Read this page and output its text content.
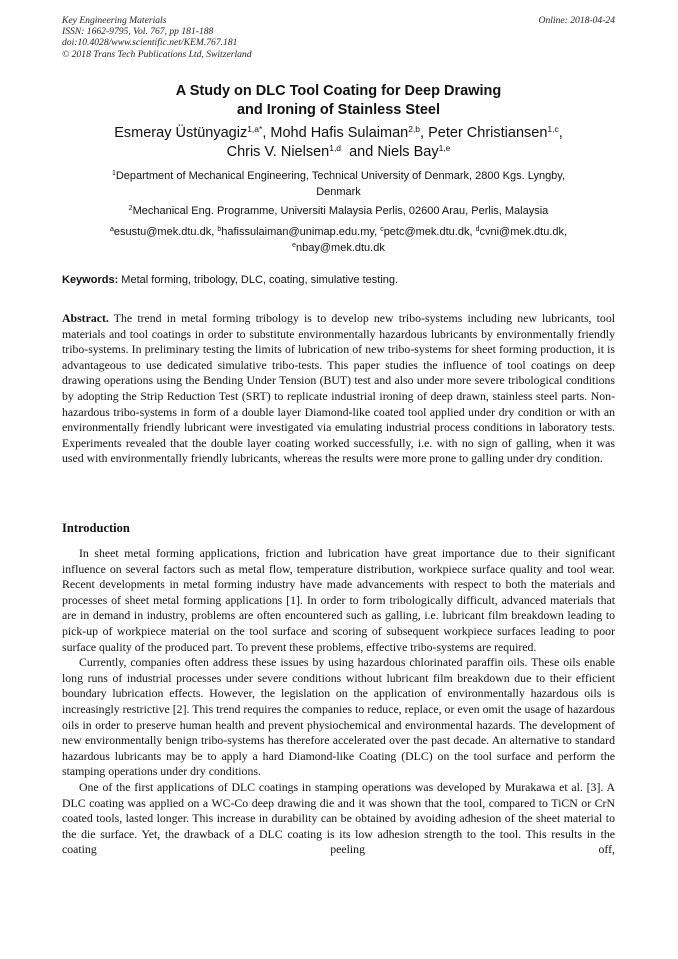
Key Engineering Materials
ISSN: 1662-9795, Vol. 767, pp 181-188
doi:10.4028/www.scientific.net/KEM.767.181
© 2018 Trans Tech Publications Ltd, Switzerland
Online: 2018-04-24
A Study on DLC Tool Coating for Deep Drawing
and Ironing of Stainless Steel
Esmeray Üstünyagiz$^{1,a*}$, Mohd Hafis Sulaiman$^{2,b}$, Peter Christiansen$^{1,c}$,
Chris V. Nielsen$^{1,d}$  and Niels Bay$^{1,e}$
$^1$Department of Mechanical Engineering, Technical University of Denmark, 2800 Kgs. Lyngby,
Denmark
$^2$Mechanical Eng. Programme, Universiti Malaysia Perlis, 02600 Arau, Perlis, Malaysia
$^a$esustu@mek.dtu.dk, $^b$hafissulaiman@unimap.edu.my, $^c$petc@mek.dtu.dk, $^d$cvni@mek.dtu.dk,
$^e$nbay@mek.dtu.dk
Keywords: Metal forming, tribology, DLC, coating, simulative testing.
Abstract. The trend in metal forming tribology is to develop new tribo-systems including new lubricants, tool materials and tool coatings in order to substitute environmentally hazardous lubricants by environmentally friendly tribo-systems. In preliminary testing the limits of lubrication of new tribo-systems for sheet forming production, it is advantageous to use dedicated simulative tribo-tests. This paper studies the influence of tool coatings on deep drawing operations using the Bending Under Tension (BUT) test and also under more severe tribological conditions by adopting the Strip Reduction Test (SRT) to replicate industrial ironing of deep drawn, stainless steel parts. Non-hazardous tribo-systems in form of a double layer Diamond-like coated tool applied under dry condition or with an environmentally friendly lubricant were investigated via emulating industrial process conditions in laboratory tests. Experiments revealed that the double layer coating worked successfully, i.e. with no sign of galling, when it was used with environmentally friendly lubricants, whereas the results were more prone to galling under dry condition.
Introduction

In sheet metal forming applications, friction and lubrication have great importance due to their significant influence on several factors such as metal flow, temperature distribution, workpiece surface quality and tool wear. Recent developments in metal forming industry have made advancements with respect to both the materials and processes of sheet metal forming applications [1]. In order to form tribologically difficult, advanced materials that are in demand in industry, problems are often encountered such as galling, i.e. lubricant film breakdown leading to pick-up of workpiece material on the tool surface and scoring of subsequent workpiece surfaces leading to poor surface quality of the produced part. To prevent these problems, effective tribo-systems are required.

Currently, companies often address these issues by using hazardous chlorinated paraffin oils. These oils enable long runs of industrial processes under severe conditions without lubricant film breakdown due to their efficient boundary lubrication effects. However, the legislation on the application of environmentally hazardous oils is increasingly restrictive [2]. This trend requires the companies to reduce, replace, or even omit the usage of hazardous oils in order to preserve human health and prevent physiochemical and environmental hazards. The development of new environmentally benign tribo-systems has therefore accelerated over the past decade. An alternative to standard hazardous lubricants may be to apply a hard Diamond-like Coating (DLC) on the tool surface and perform the stamping operations under dry conditions.

One of the first applications of DLC coatings in stamping operations was developed by Murakawa et al. [3]. A DLC coating was applied on a WC-Co deep drawing die and it was shown that the tool, compared to TiCN or CrN coated tools, lasted longer. This increase in durability can be obtained by avoiding adhesion of the sheet material to the die surface. Yet, the drawback of a DLC coating is its low adhesion strength to the tool. This results in the coating peeling off,
